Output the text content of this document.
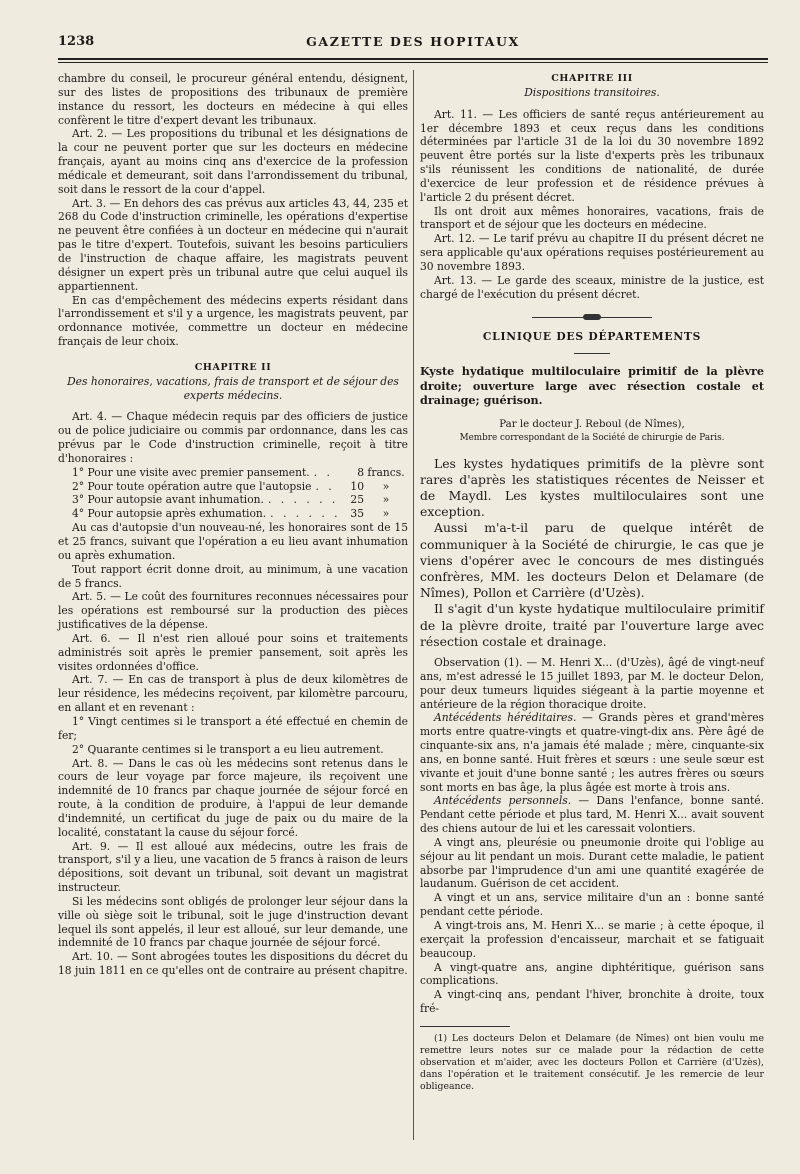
1238	GAZETTE DES HOPITAUX

chambre du conseil, le procureur général entendu, désignent, sur des listes de propositions des tribunaux de première instance du ressort, les docteurs en médecine à qui elles confèrent le titre d'expert devant les tribunaux.

Art. 2. — Les propositions du tribunal et les désignations de la cour ne peuvent porter que sur les docteurs en médecine français, ayant au moins cinq ans d'exercice de la profession médicale et demeurant, soit dans l'arrondissement du tribunal, soit dans le ressort de la cour d'appel.

Art. 3. — En dehors des cas prévus aux articles 43, 44, 235 et 268 du Code d'instruction criminelle, les opérations d'expertise ne peuvent être confiées à un docteur en médecine qui n'aurait pas le titre d'expert. Toutefois, suivant les besoins particuliers de l'instruction de chaque affaire, les magistrats peuvent désigner un expert près un tribunal autre que celui auquel ils appartiennent.

En cas d'empêchement des médecins experts résidant dans l'arrondissement et s'il y a urgence, les magistrats peuvent, par ordonnance motivée, commettre un docteur en médecine français de leur choix.

CHAPITRE II
Des honoraires, vacations, frais de transport et de séjour des experts médecins.

Art. 4. — Chaque médecin requis par des officiers de justice ou de police judiciaire ou commis par ordonnance, dans les cas prévus par le Code d'instruction criminelle, reçoit à titre d'honoraires :

1° Pour une visite avec premier pansement. . . .	8 francs.
2° Pour toute opération autre que l'autopsie . . .	10	»
3° Pour autopsie avant inhumation. . . .	25	»
4° Pour autopsie après exhumation. . . .	35	»

Au cas d'autopsie d'un nouveau-né, les honoraires sont de 15 et 25 francs, suivant que l'opération a eu lieu avant inhumation ou après exhumation.

Tout rapport écrit donne droit, au minimum, à une vacation de 5 francs.

Art. 5. — Le coût des fournitures reconnues nécessaires pour les opérations est remboursé sur la production des pièces justificatives de la dépense.

Art. 6. — Il n'est rien alloué pour soins et traitements administrés soit après le premier pansement, soit après les visites ordonnées d'office.

Art. 7. — En cas de transport à plus de deux kilomètres de leur résidence, les médecins reçoivent, par kilomètre parcouru, en allant et en revenant :

1° Vingt centimes si le transport a été effectué en chemin de fer;

2° Quarante centimes si le transport a eu lieu autrement.

Art. 8. — Dans le cas où les médecins sont retenus dans le cours de leur voyage par force majeure, ils reçoivent une indemnité de 10 francs par chaque journée de séjour forcé en route, à la condition de produire, à l'appui de leur demande d'indemnité, un certificat du juge de paix ou du maire de la localité, constatant la cause du séjour forcé.

Art. 9. — Il est alloué aux médecins, outre les frais de transport, s'il y a lieu, une vacation de 5 francs à raison de leurs dépositions, soit devant un tribunal, soit devant un magistrat instructeur.

Si les médecins sont obligés de prolonger leur séjour dans la ville où siège soit le tribunal, soit le juge d'instruction devant lequel ils sont appelés, il leur est alloué, sur leur demande, une indemnité de 10 francs par chaque journée de séjour forcé.

Art. 10. — Sont abrogées toutes les dispositions du décret du 18 juin 1811 en ce qu'elles ont de contraire au présent chapitre.

CHAPITRE III
Dispositions transitoires.

Art. 11. — Les officiers de santé reçus antérieurement au 1er décembre 1893 et ceux reçus dans les conditions déterminées par l'article 31 de la loi du 30 novembre 1892 peuvent être portés sur la liste d'experts près les tribunaux s'ils réunissent les conditions de nationalité, de durée d'exercice de leur profession et de résidence prévues à l'article 2 du présent décret.

Ils ont droit aux mêmes honoraires, vacations, frais de transport et de séjour que les docteurs en médecine.

Art. 12. — Le tarif prévu au chapitre II du présent décret ne sera applicable qu'aux opérations requises postérieurement au 30 novembre 1893.

Art. 13. — Le garde des sceaux, ministre de la justice, est chargé de l'exécution du présent décret.

CLINIQUE DES DÉPARTEMENTS

Kyste hydatique multiloculaire primitif de la plèvre droite; ouverture large avec résection costale et drainage; guérison.

Par le docteur J. Reboul (de Nîmes),
Membre correspondant de la Société de chirurgie de Paris.

Les kystes hydatiques primitifs de la plèvre sont rares d'après les statistiques récentes de Neisser et de Maydl. Les kystes multiloculaires sont une exception.

Aussi m'a-t-il paru de quelque intérêt de communiquer à la Société de chirurgie, le cas que je viens d'opérer avec le concours de mes distingués confrères, MM. les docteurs Delon et Delamare (de Nîmes), Pollon et Carrière (d'Uzès).

Il s'agit d'un kyste hydatique multiloculaire primitif de la plèvre droite, traité par l'ouverture large avec résection costale et drainage.

Observation (1). — M. Henri X... (d'Uzès), âgé de vingt-neuf ans, m'est adressé le 15 juillet 1893, par M. le docteur Delon, pour deux tumeurs liquides siégeant à la partie moyenne et antérieure de la région thoracique droite.

Antécédents héréditaires. — Grands pères et grand'mères morts entre quatre-vingts et quatre-vingt-dix ans. Père âgé de cinquante-six ans, n'a jamais été malade ; mère, cinquante-six ans, en bonne santé. Huit frères et sœurs : une seule sœur est vivante et jouit d'une bonne santé ; les autres frères ou sœurs sont morts en bas âge, la plus âgée est morte à trois ans.

Antécédents personnels. — Dans l'enfance, bonne santé. Pendant cette période et plus tard, M. Henri X... avait souvent des chiens autour de lui et les caressait volontiers.

A vingt ans, pleurésie ou pneumonie droite qui l'oblige au séjour au lit pendant un mois. Durant cette maladie, le patient absorbe par l'imprudence d'un ami une quantité exagérée de laudanum. Guérison de cet accident.

A vingt et un ans, service militaire d'un an : bonne santé pendant cette période.

A vingt-trois ans, M. Henri X... se marie ; à cette époque, il exerçait la profession d'encaisseur, marchait et se fatiguait beaucoup.

A vingt-quatre ans, angine diphtéritique, guérison sans complications.

A vingt-cinq ans, pendant l'hiver, bronchite à droite, toux fré-

(1) Les docteurs Delon et Delamare (de Nîmes) ont bien voulu me remettre leurs notes sur ce malade pour la rédaction de cette observation et m'aider, avec les docteurs Pollon et Carrière (d'Uzès), dans l'opération et le traitement consécutif. Je les remercie de leur obligeance.
